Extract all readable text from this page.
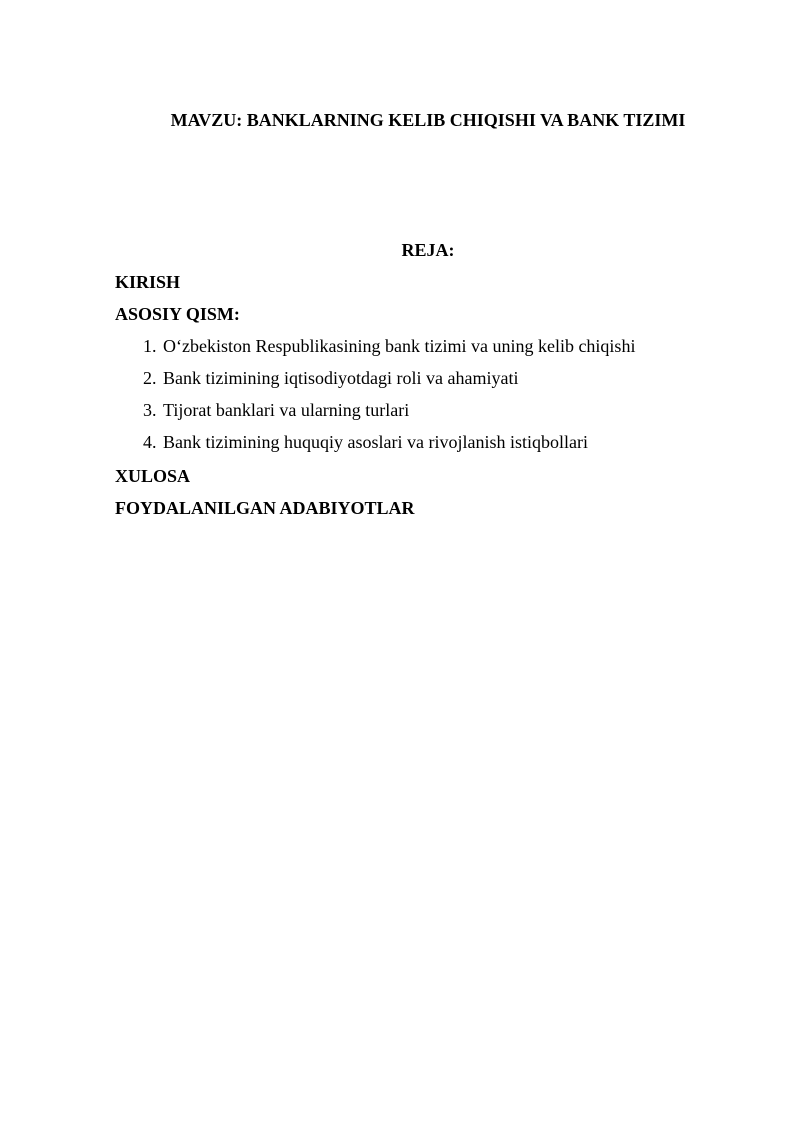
MAVZU: BANKLARNING KELIB CHIQISHI VA BANK TIZIMI
REJA:
KIRISH
ASOSIY QISM:
1. O‘zbekiston Respublikasining bank tizimi va uning kelib chiqishi
2. Bank tizimining iqtisodiyotdagi roli va ahamiyati
3. Tijorat banklari va ularning turlari
4. Bank tizimining huquqiy asoslari va rivojlanish istiqbollari
XULOSA
FOYDALANILGAN ADABIYOTLAR
